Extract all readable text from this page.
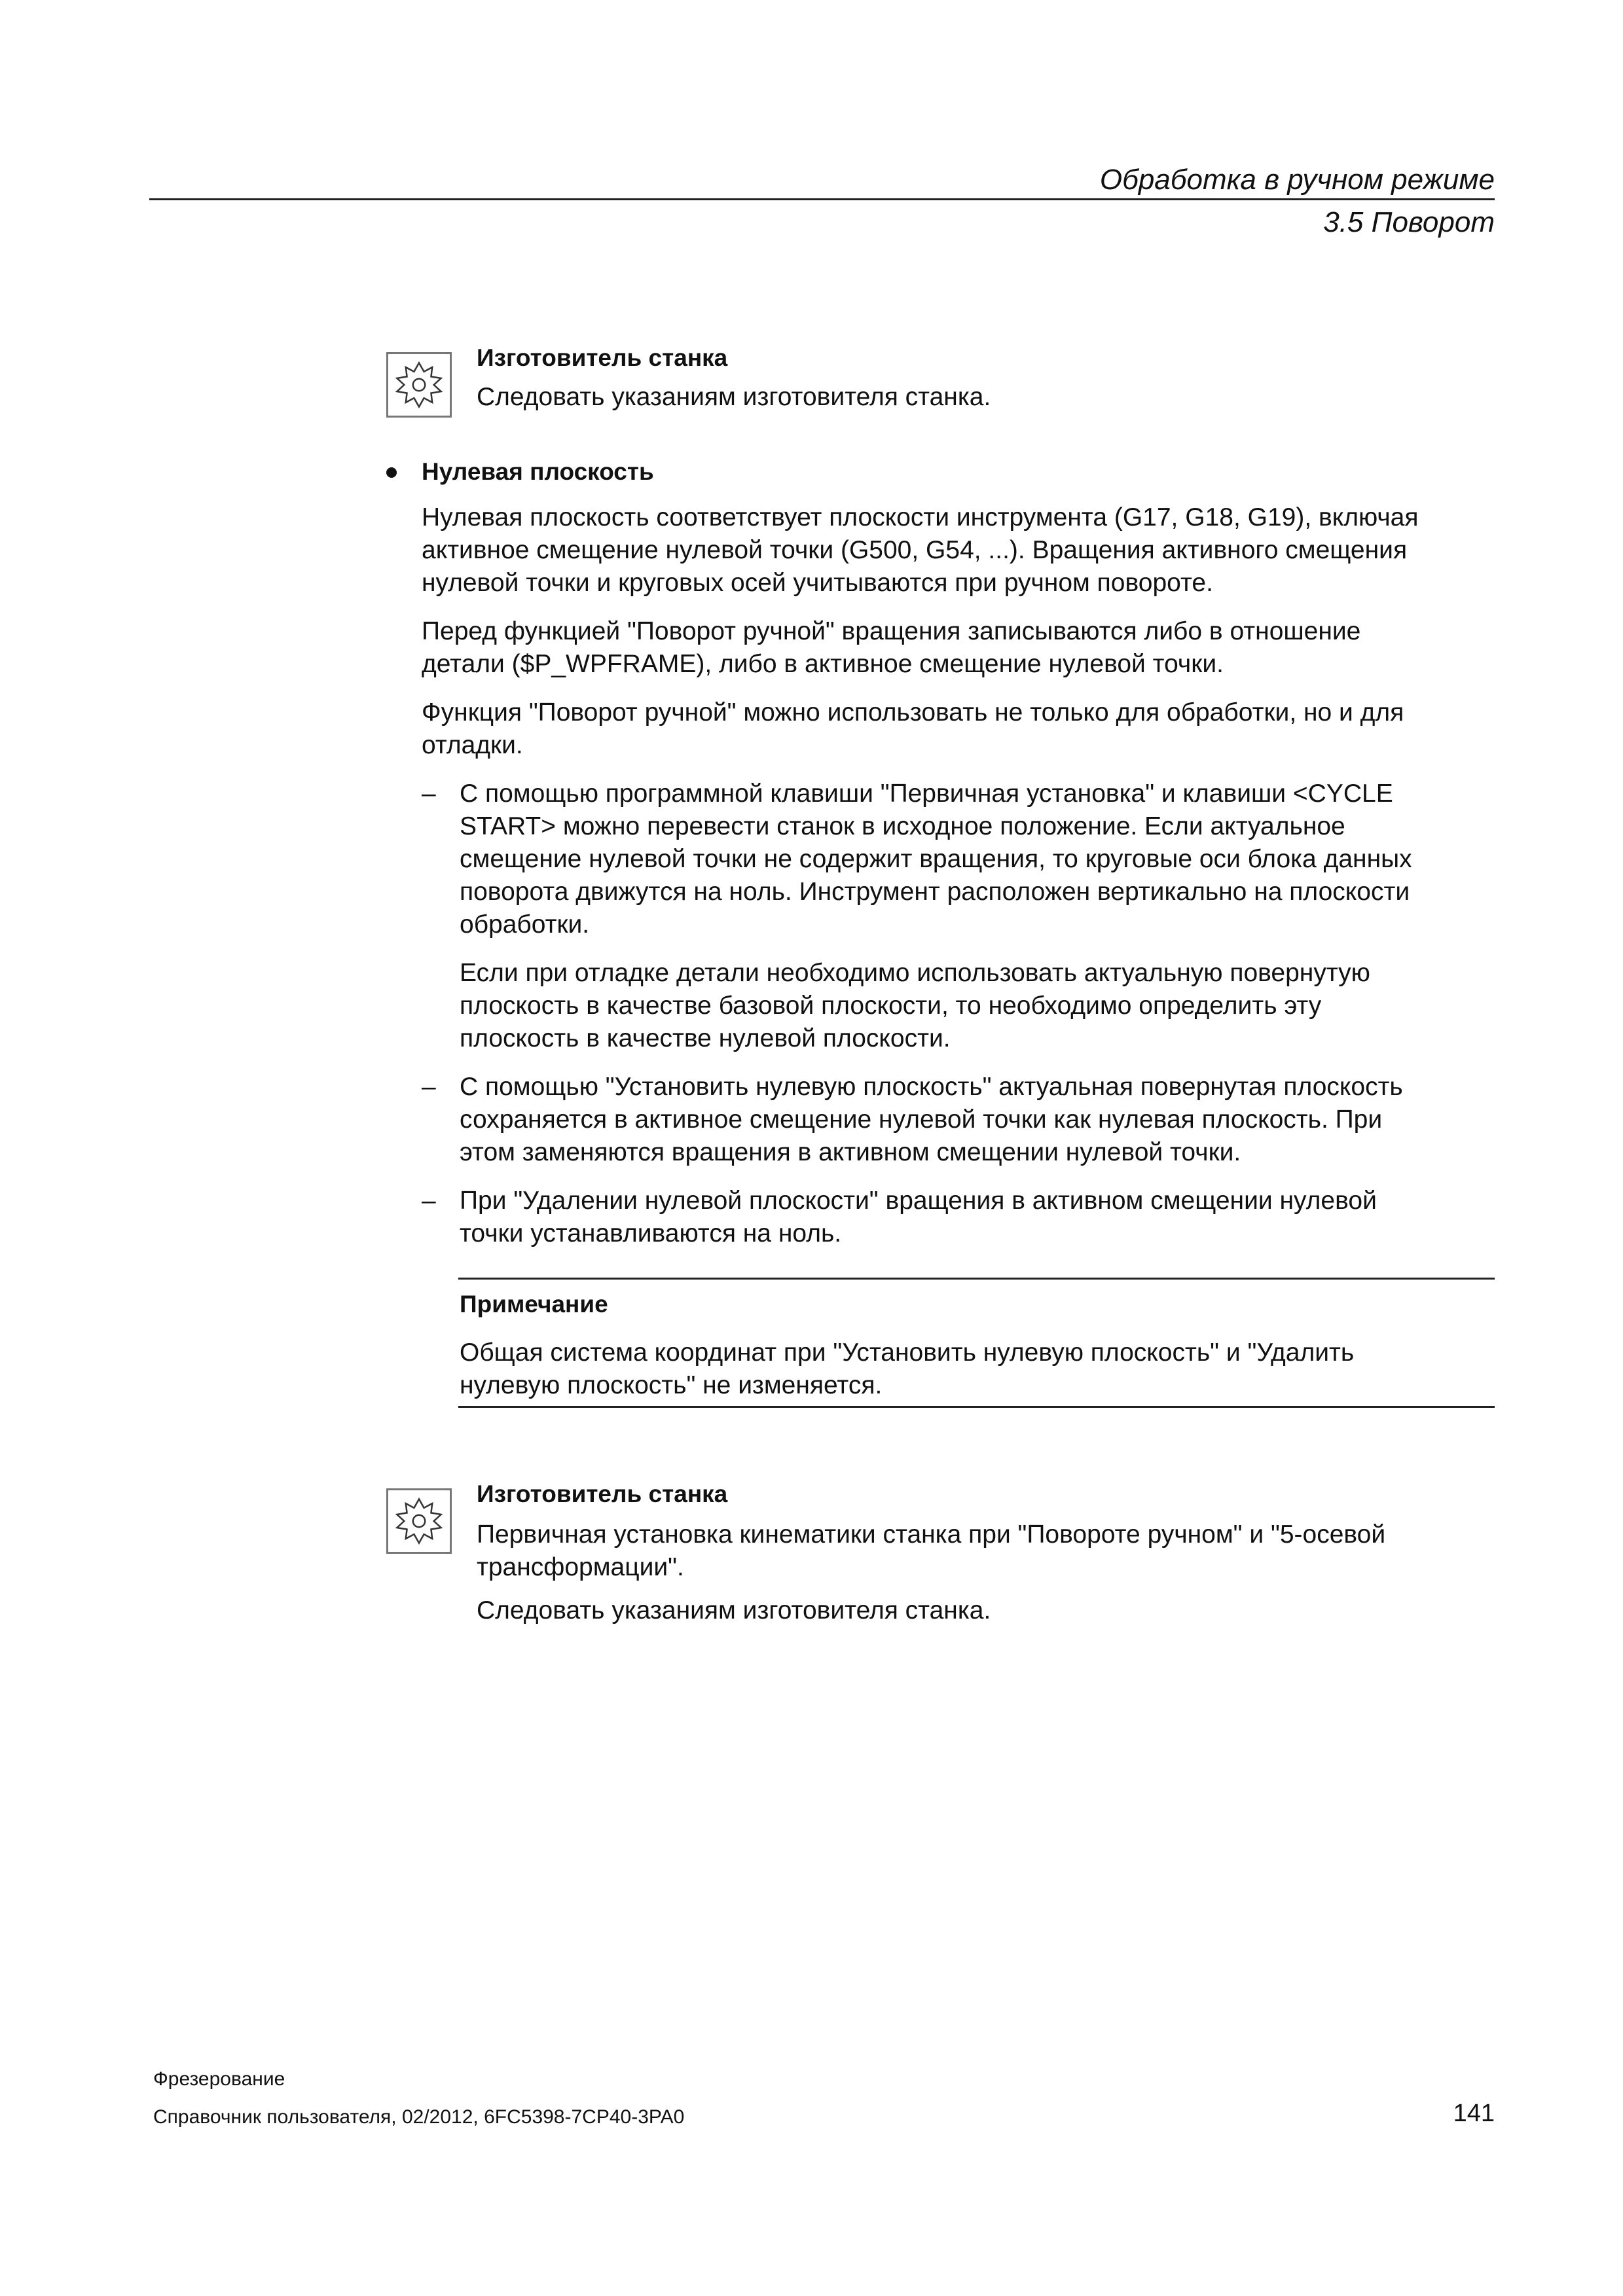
Обработка в ручном режиме
3.5 Поворот
Изготовитель станка
Следовать указаниям изготовителя станка.
Нулевая плоскость
Нулевая плоскость соответствует плоскости инструмента (G17, G18, G19), включая
активное смещение нулевой точки (G500, G54, ...). Вращения активного смещения
нулевой точки и круговых осей учитываются при ручном повороте.
Перед функцией "Поворот ручной" вращения записываются либо в отношение
детали ($P_WPFRAME), либо в активное смещение нулевой точки.
Функция "Поворот ручной" можно использовать не только для обработки, но и для
отладки.
– С помощью программной клавиши "Первичная установка" и клавиши <CYCLE
START> можно перевести станок в исходное положение. Если актуальное
смещение нулевой точки не содержит вращения, то круговые оси блока данных
поворота движутся на ноль. Инструмент расположен вертикально на плоскости
обработки.
Если при отладке детали необходимо использовать актуальную повернутую
плоскость в качестве базовой плоскости, то необходимо определить эту
плоскость в качестве нулевой плоскости.
– С помощью "Установить нулевую плоскость" актуальная повернутая плоскость
сохраняется в активное смещение нулевой точки как нулевая плоскость. При
этом заменяются вращения в активном смещении нулевой точки.
– При "Удалении нулевой плоскости" вращения в активном смещении нулевой
точки устанавливаются на ноль.
Примечание
Общая система координат при "Установить нулевую плоскость" и "Удалить
нулевую плоскость" не изменяется.
Изготовитель станка
Первичная установка кинематики станка при "Повороте ручном" и "5-осевой
трансформации".
Следовать указаниям изготовителя станка.
Фрезерование
Справочник пользователя, 02/2012, 6FC5398-7CP40-3PA0	141
